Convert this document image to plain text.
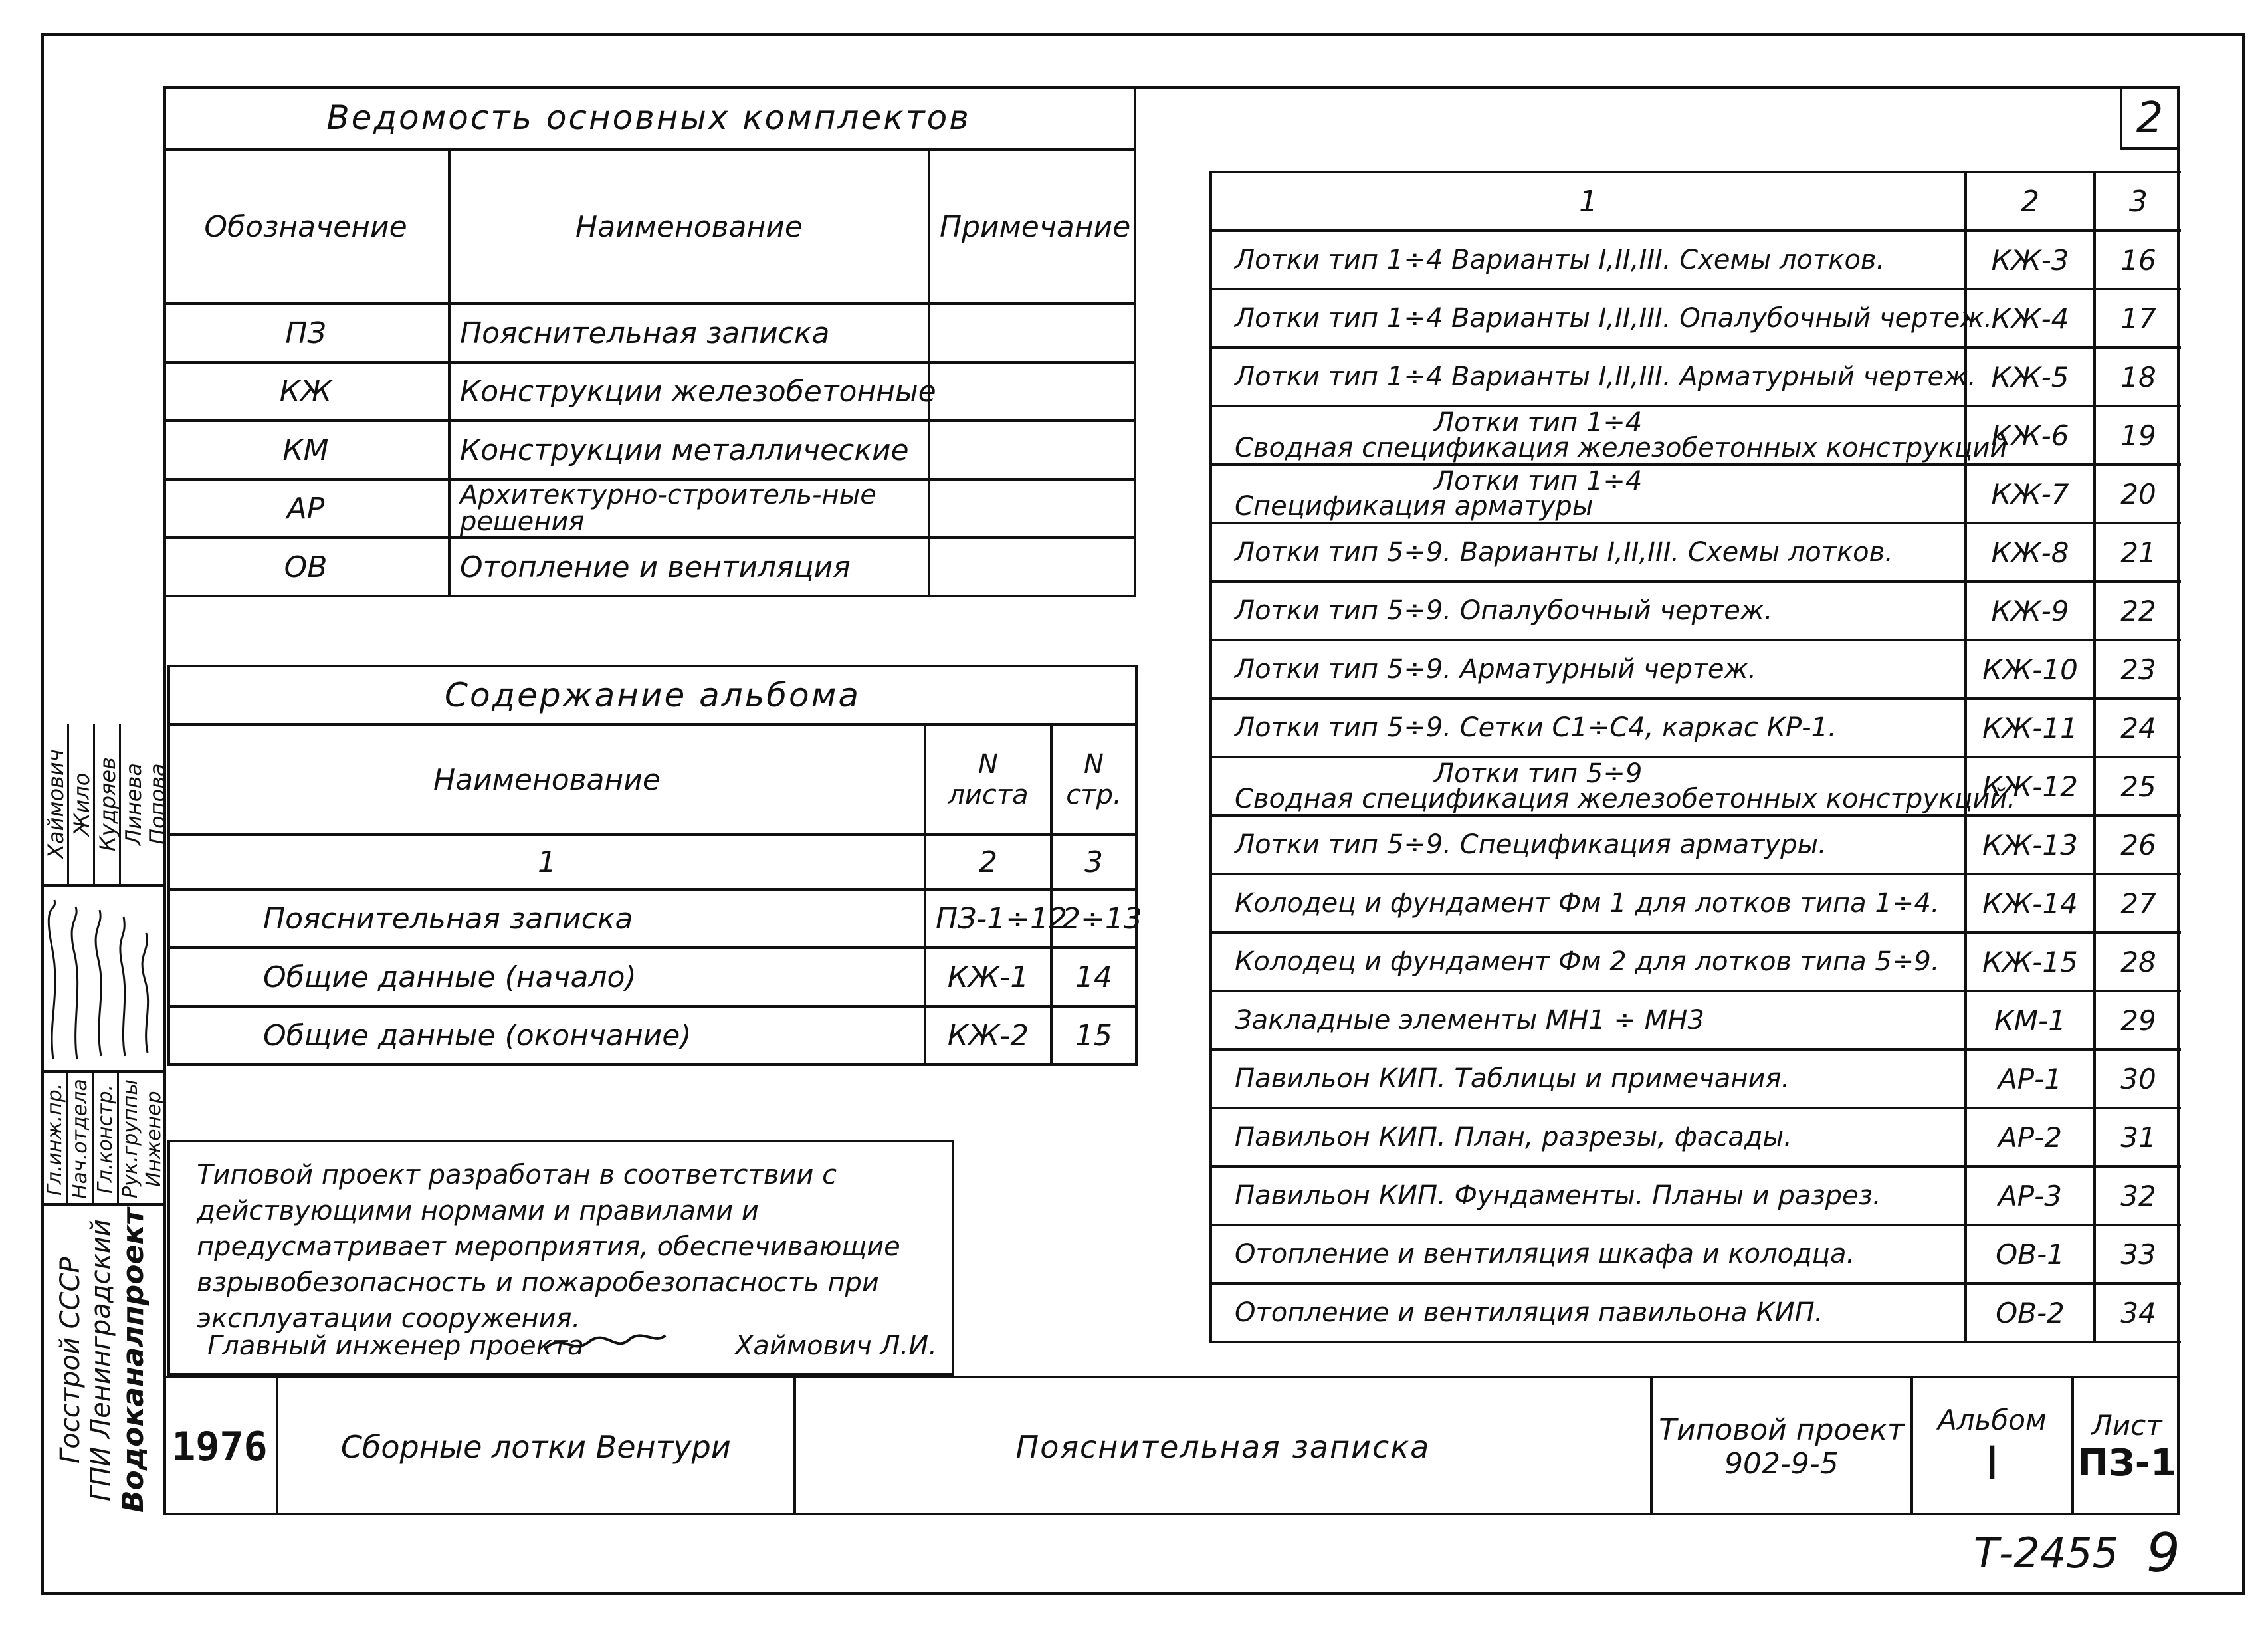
2
Ведомость основных комплектов		
Обозначение	Наименование	Примечание
ПЗ	Пояснительная записка	
КЖ	Конструкции железобетонные	
КМ	Конструкции металлические	
АР	Архитектурно-строитель-ные решения	
ОВ	Отопление и вентиляция	
Содержание альбома		
Наименование	N листа	N стр.
1	2	3
Пояснительная записка	ПЗ-1÷12	2÷13
Общие данные (начало)	КЖ-1	14
Общие данные (окончание)	КЖ-2	15
Типовой проект разработан в соответствии с действующими нормами и правилами и предусматривает мероприятия, обеспечивающие взрывобезопасность и пожаробезопасность при эксплуатации сооружения.
Главный инженер проекта	Хаймович Л.И.
1	2	3
Лотки тип 1÷4 Варианты I,II,III. Схемы лотков.	КЖ-3	16
Лотки тип 1÷4 Варианты I,II,III. Опалубочный чертеж.	КЖ-4	17
Лотки тип 1÷4 Варианты I,II,III. Арматурный чертеж.	КЖ-5	18

Лотки тип 1÷4
Сводная спецификация железобетонных конструкций	КЖ-6	19

Лотки тип 1÷4
Спецификация арматуры	КЖ-7	20
Лотки тип 5÷9. Варианты I,II,III. Схемы лотков.	КЖ-8	21
Лотки тип 5÷9. Опалубочный чертеж.	КЖ-9	22
Лотки тип 5÷9. Арматурный чертеж.	КЖ-10	23
Лотки тип 5÷9. Сетки С1÷С4, каркас КР-1.	КЖ-11	24

Лотки тип 5÷9
Сводная спецификация железобетонных конструкций.	КЖ-12	25
Лотки тип 5÷9. Спецификация арматуры.	КЖ-13	26
Колодец и фундамент Фм 1 для лотков типа 1÷4.	КЖ-14	27
Колодец и фундамент Фм 2 для лотков типа 5÷9.	КЖ-15	28
Закладные элементы МН1 ÷ МН3	КМ-1	29
Павильон КИП. Таблицы и примечания.	АР-1	30
Павильон КИП. План, разрезы, фасады.	АР-2	31
Павильон КИП. Фундаменты. Планы и разрез.	АР-3	32
Отопление и вентиляция шкафа и колодца.	ОВ-1	33
Отопление и вентиляция павильона КИП.	ОВ-2	34
Гл.инж.пр. Нач.отдела Гл.констр. Рук.группы Инженер
Хаймович Жило Кудряев Линева
Попова
Госстрой СССР ГПИ Ленинградский Водоканалпроект 1976	Сборные лотки Вентури	Пояснительная записка	Типовой проект
902-9-5
Альбом
I
Лист
ПЗ-1
Т-2455 9
